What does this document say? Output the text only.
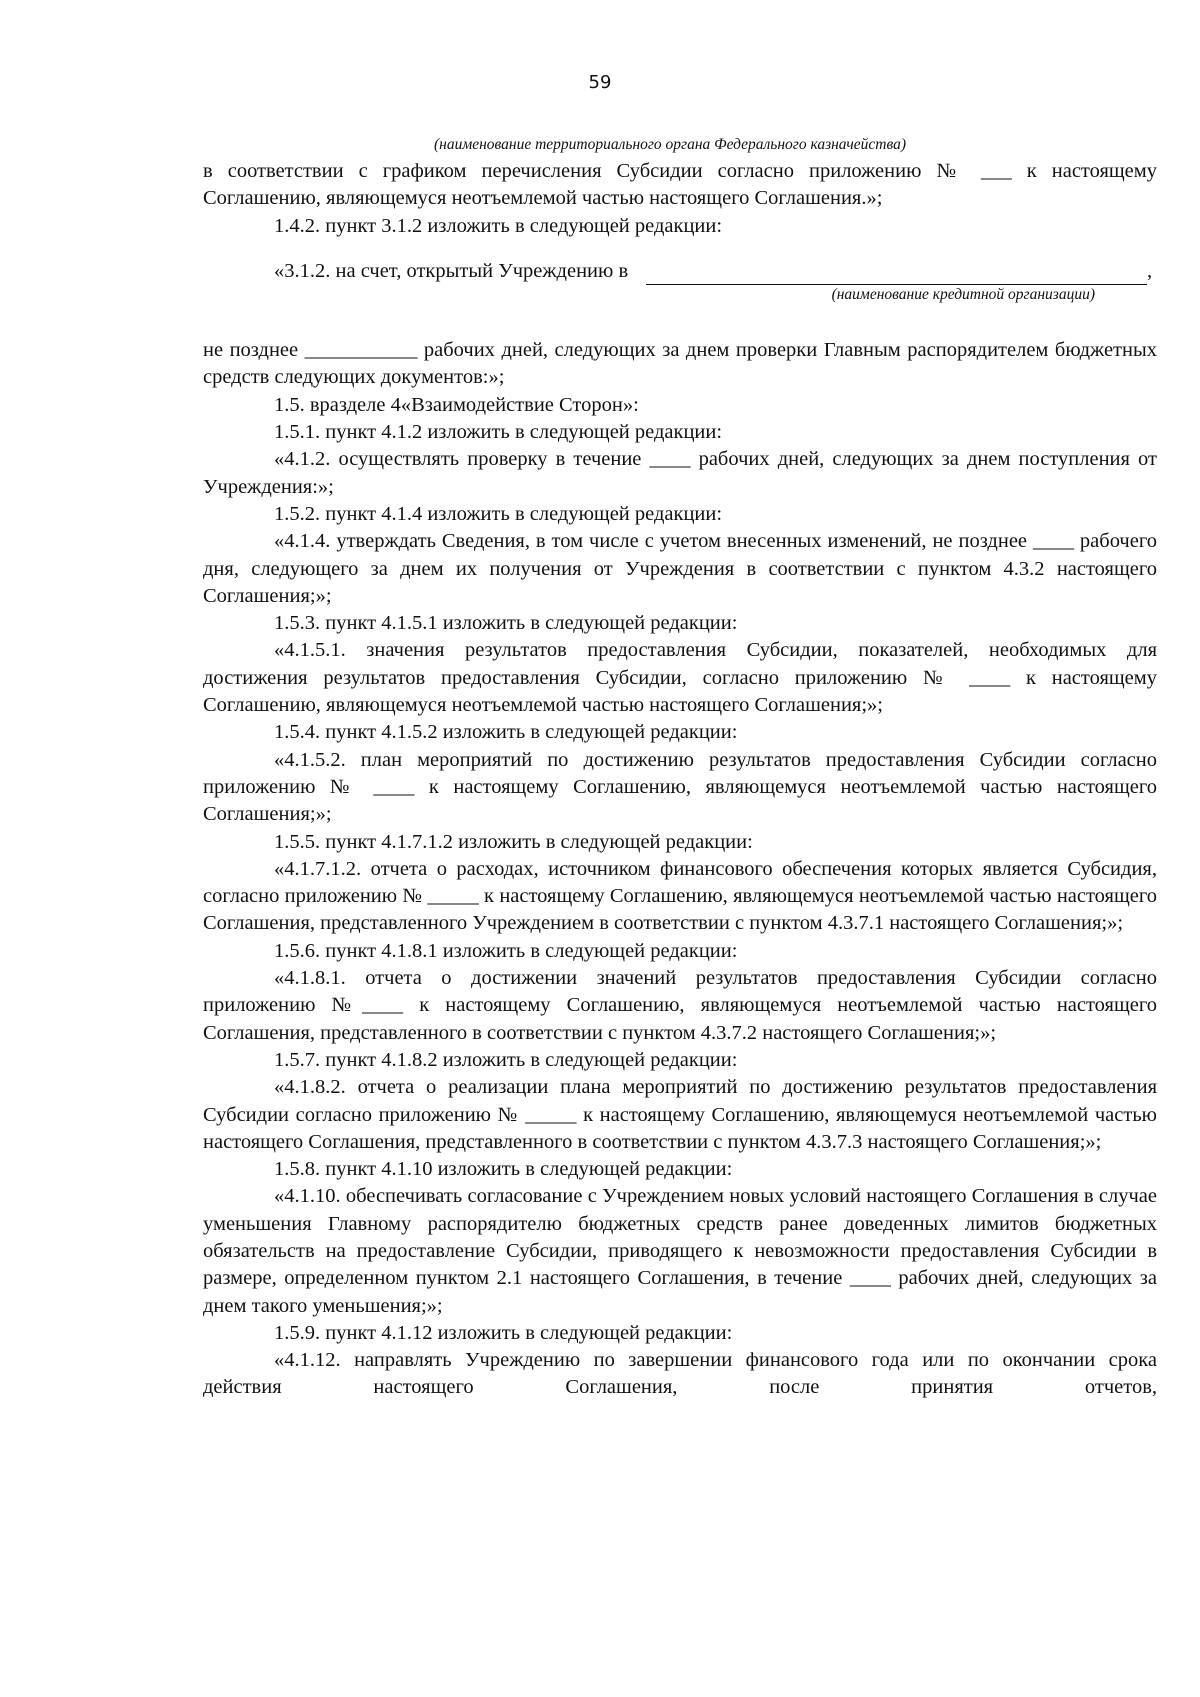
59
(наименование территориального органа Федерального казначейства)

в соответствии с графиком перечисления Субсидии согласно приложению № ___ к настоящему Соглашению, являющемуся неотъемлемой частью настоящего Соглашения.»;

1.4.2. пункт 3.1.2 изложить в следующей редакции:

«3.1.2. на счет, открытый Учреждению в	,
(наименование кредитной организации)

не позднее ___________ рабочих дней, следующих за днем проверки Главным распорядителем бюджетных средств следующих документов:»;

1.5. вразделе 4«Взаимодействие Сторон»:

1.5.1. пункт 4.1.2 изложить в следующей редакции:

«4.1.2. осуществлять проверку в течение ____ рабочих дней, следующих за днем поступления от Учреждения:»;

1.5.2. пункт 4.1.4 изложить в следующей редакции:

«4.1.4. утверждать Сведения, в том числе с учетом внесенных изменений, не позднее ____ рабочего дня, следующего за днем их получения от Учреждения в соответствии с пунктом 4.3.2 настоящего Соглашения;»;

1.5.3. пункт 4.1.5.1 изложить в следующей редакции:

«4.1.5.1. значения результатов предоставления Субсидии, показателей, необходимых для достижения результатов предоставления Субсидии, согласно приложению № ____ к настоящему Соглашению, являющемуся неотъемлемой частью настоящего Соглашения;»;

1.5.4. пункт 4.1.5.2 изложить в следующей редакции:

«4.1.5.2. план мероприятий по достижению результатов предоставления Субсидии согласно приложению № ____ к настоящему Соглашению, являющемуся неотъемлемой частью настоящего Соглашения;»;

1.5.5. пункт 4.1.7.1.2 изложить в следующей редакции:

«4.1.7.1.2. отчета о расходах, источником финансового обеспечения которых является Субсидия, согласно приложению № _____ к настоящему Соглашению, являющемуся неотъемлемой частью настоящего Соглашения, представленного Учреждением в соответствии с пунктом 4.3.7.1 настоящего Соглашения;»;

1.5.6. пункт 4.1.8.1 изложить в следующей редакции:

«4.1.8.1. отчета о достижении значений результатов предоставления Субсидии согласно приложению №____ к настоящему Соглашению, являющемуся неотъемлемой частью настоящего Соглашения, представленного в соответствии с пунктом 4.3.7.2 настоящего Соглашения;»;

1.5.7. пункт 4.1.8.2 изложить в следующей редакции:

«4.1.8.2. отчета о реализации плана мероприятий по достижению результатов предоставления Субсидии согласно приложению № _____ к настоящему Соглашению, являющемуся неотъемлемой частью настоящего Соглашения, представленного в соответствии с пунктом 4.3.7.3 настоящего Соглашения;»;

1.5.8. пункт 4.1.10 изложить в следующей редакции:

«4.1.10. обеспечивать согласование с Учреждением новых условий настоящего Соглашения в случае уменьшения Главному распорядителю бюджетных средств ранее доведенных лимитов бюджетных обязательств на предоставление Субсидии, приводящего к невозможности предоставления Субсидии в размере, определенном пунктом 2.1 настоящего Соглашения, в течение ____ рабочих дней, следующих за днем такого уменьшения;»;

1.5.9. пункт 4.1.12 изложить в следующей редакции:

«4.1.12. направлять Учреждению по завершении финансового года или по окончании срока действия настоящего Соглашения, после принятия отчетов,
